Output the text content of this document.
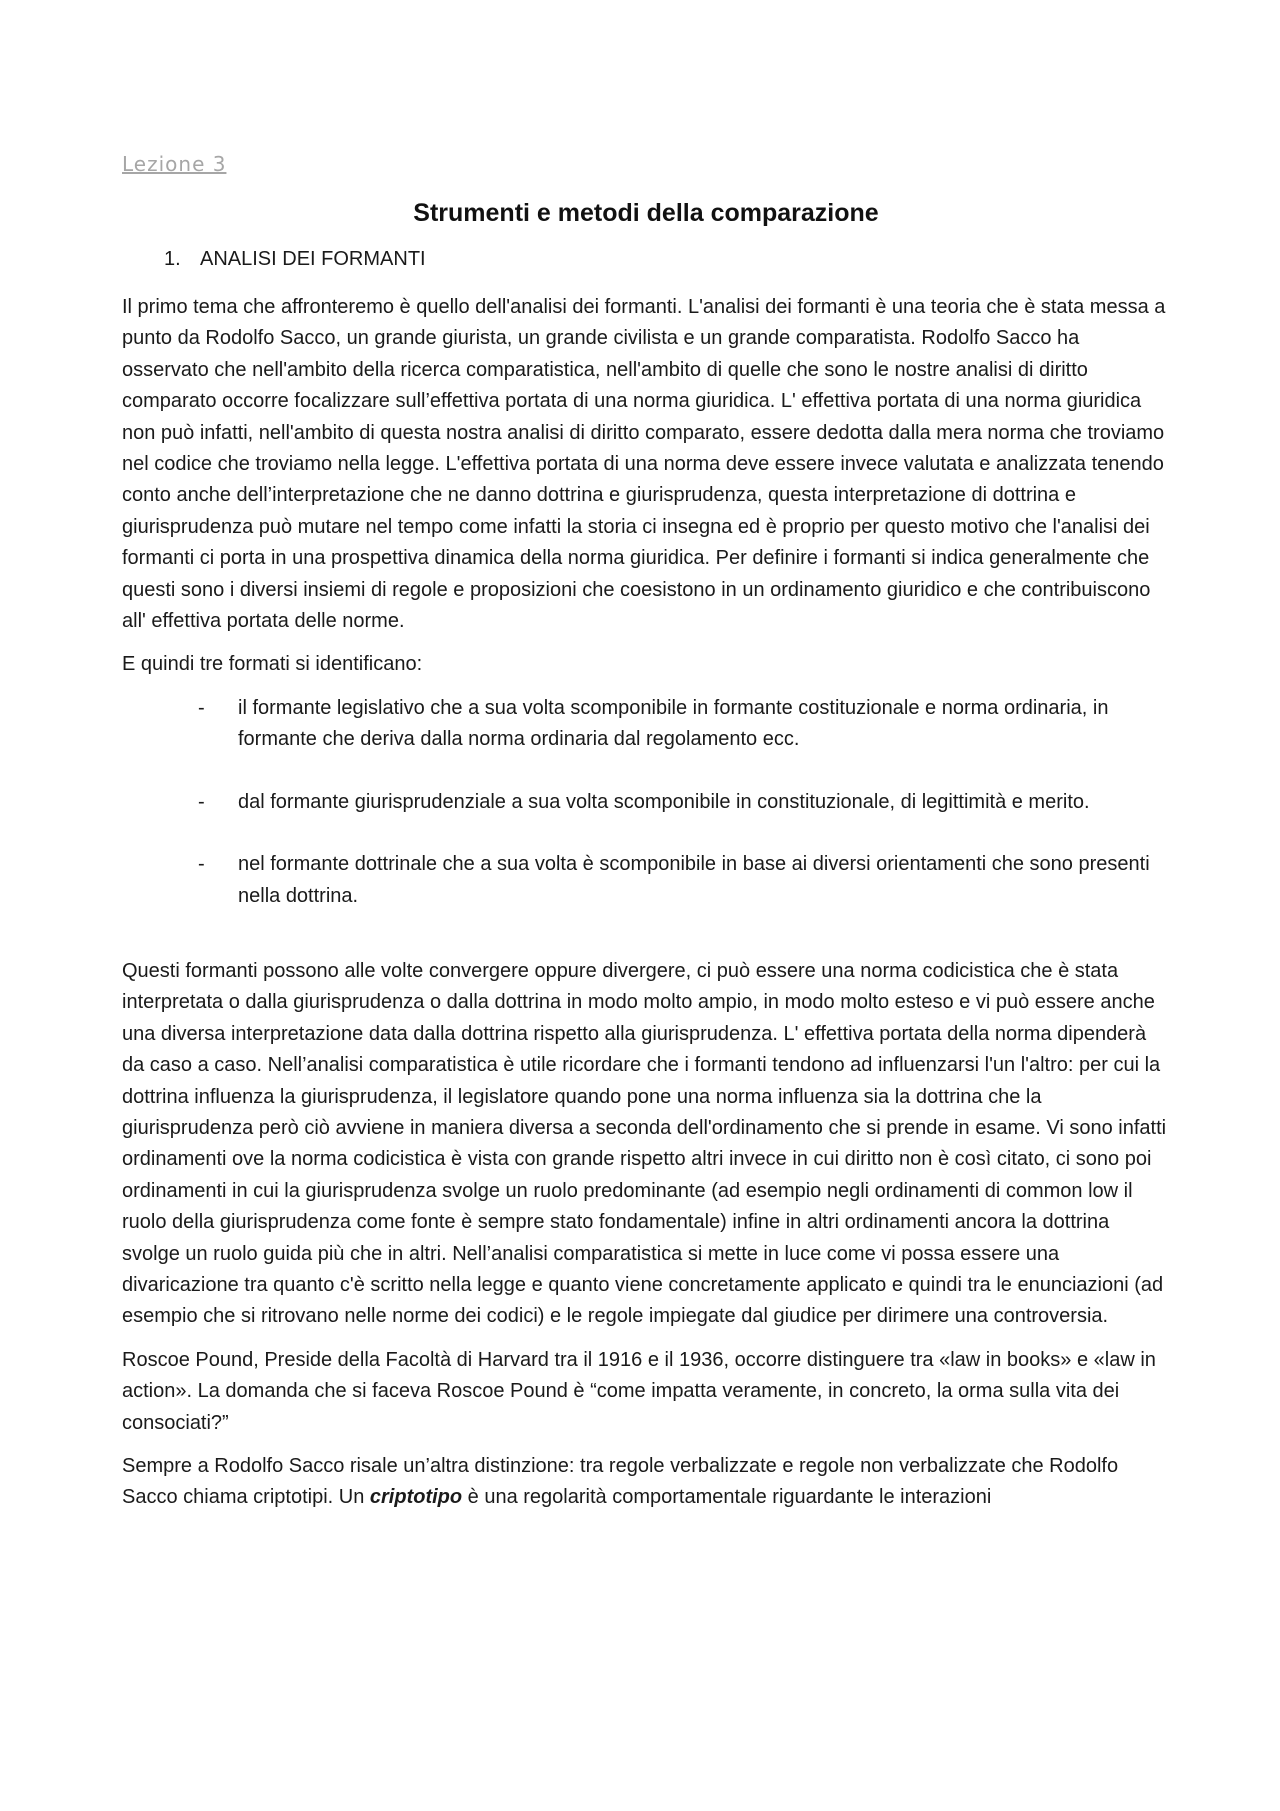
Lezione 3
Strumenti e metodi della comparazione
1. ANALISI DEI FORMANTI

Il primo tema che affronteremo è quello dell'analisi dei formanti. L'analisi dei formanti è una teoria che è stata messa a punto da Rodolfo Sacco, un grande giurista, un grande civilista e un grande comparatista. Rodolfo Sacco ha osservato che nell'ambito della ricerca comparatistica, nell'ambito di quelle che sono le nostre analisi di diritto comparato occorre focalizzare sull’effettiva portata di una norma giuridica. L' effettiva portata di una norma giuridica non può infatti, nell'ambito di questa nostra analisi di diritto comparato, essere dedotta dalla mera norma che troviamo nel codice che troviamo nella legge. L'effettiva portata di una norma deve essere invece valutata e analizzata tenendo conto anche dell’interpretazione che ne danno dottrina e giurisprudenza, questa interpretazione di dottrina e giurisprudenza può mutare nel tempo come infatti la storia ci insegna ed è proprio per questo motivo che l'analisi dei formanti ci porta in una prospettiva dinamica della norma giuridica. Per definire i formanti si indica generalmente che questi sono i diversi insiemi di regole e proposizioni che coesistono in un ordinamento giuridico e che contribuiscono all' effettiva portata delle norme.

E quindi tre formati si identificano:

- il formante legislativo che a sua volta scomponibile in formante costituzionale e norma ordinaria, in formante che deriva dalla norma ordinaria dal regolamento ecc.
- dal formante giurisprudenziale a sua volta scomponibile in constituzionale, di legittimità e merito.
- nel formante dottrinale che a sua volta è scomponibile in base ai diversi orientamenti che sono presenti nella dottrina.

Questi formanti possono alle volte convergere oppure divergere, ci può essere una norma codicistica che è stata interpretata o dalla giurisprudenza o dalla dottrina in modo molto ampio, in modo molto esteso e vi può essere anche una diversa interpretazione data dalla dottrina rispetto alla giurisprudenza. L' effettiva portata della norma dipenderà da caso a caso. Nell’analisi comparatistica è utile ricordare che i formanti tendono ad influenzarsi l'un l'altro: per cui la dottrina influenza la giurisprudenza, il legislatore quando pone una norma influenza sia la dottrina che la giurisprudenza però ciò avviene in maniera diversa a seconda dell'ordinamento che si prende in esame. Vi sono infatti ordinamenti ove la norma codicistica è vista con grande rispetto altri invece in cui diritto non è così citato, ci sono poi ordinamenti in cui la giurisprudenza svolge un ruolo predominante (ad esempio negli ordinamenti di common low il ruolo della giurisprudenza come fonte è sempre stato fondamentale) infine in altri ordinamenti ancora la dottrina svolge un ruolo guida più che in altri. Nell’analisi comparatistica si mette in luce come vi possa essere una divaricazione tra quanto c'è scritto nella legge e quanto viene concretamente applicato e quindi tra le enunciazioni (ad esempio che si ritrovano nelle norme dei codici) e le regole impiegate dal giudice per dirimere una controversia.

Roscoe Pound, Preside della Facoltà di Harvard tra il 1916 e il 1936, occorre distinguere tra «law in books» e «law in action». La domanda che si faceva Roscoe Pound è “come impatta veramente, in concreto, la orma sulla vita dei consociati?”

Sempre a Rodolfo Sacco risale un’altra distinzione: tra regole verbalizzate e regole non verbalizzate che Rodolfo Sacco chiama criptotipi. Un criptotipo è una regolarità comportamentale riguardante le interazioni
